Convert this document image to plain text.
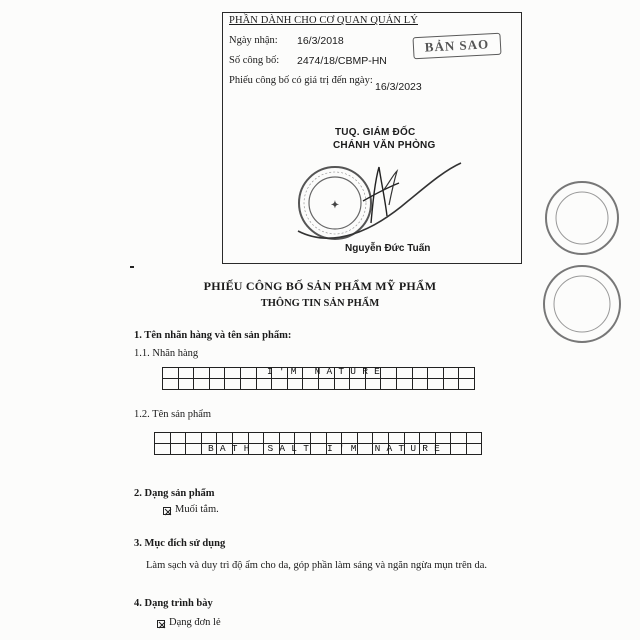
PHẦN DÀNH CHO CƠ QUAN QUẢN LÝ
Ngày nhận: 16/3/2018
Số công bố: 2474/18/CBMP-HN
Phiếu công bố có giá trị đến ngày:
16/3/2023
BẢN SAO
TUQ. GIÁM ĐỐC
CHÁNH VĂN PHÒNG
✦
Nguyễn Đức Tuấn
PHIẾU CÔNG BỐ SẢN PHẨM MỸ PHẨM
THÔNG TIN SẢN PHẨM
1. Tên nhãn hàng và tên sản phẩm:
1.1. Nhãn hàng
I'M NATURE
1.2. Tên sản phẩm
BATH SALT I'M NATURE
2. Dạng sản phẩm
Muối tắm.
3. Mục đích sử dụng
Làm sạch và duy trì độ ẩm cho da, góp phần làm sáng và ngăn ngừa mụn trên da.
4. Dạng trình bày
Dạng đơn lẻ
